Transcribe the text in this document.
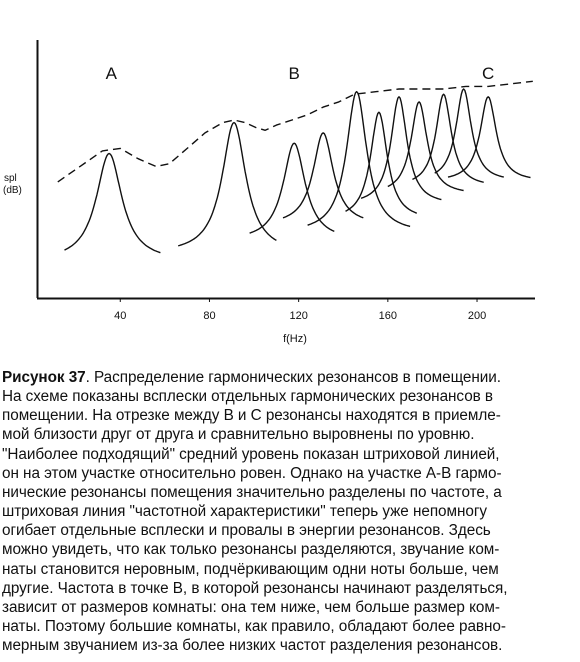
40	80	120	160	200
A	B	C
spl (dB)
f(Hz)
Рисунок 37. Распределение гармонических резонансов в помещении.
На схеме показаны всплески отдельных гармонических резонансов в
помещении. На отрезке между B и C резонансы находятся в приемле-
мой близости друг от друга и сравнительно выровнены по уровню.
"Наиболее подходящий" средний уровень показан штриховой линией,
он на этом участке относительно ровен. Однако на участке A-B гармо-
нические резонансы помещения значительно разделены по частоте, а
штриховая линия "частотной характеристики" теперь уже непомногу
огибает отдельные всплески и провалы в энергии резонансов. Здесь
можно увидеть, что как только резонансы разделяются, звучание ком-
наты становится неровным, подчёркивающим одни ноты больше, чем
другие. Частота в точке B, в которой резонансы начинают разделяться,
зависит от размеров комнаты: она тем ниже, чем больше размер ком-
наты. Поэтому большие комнаты, как правило, обладают более равно-
мерным звучанием из-за более низких частот разделения резонансов.
